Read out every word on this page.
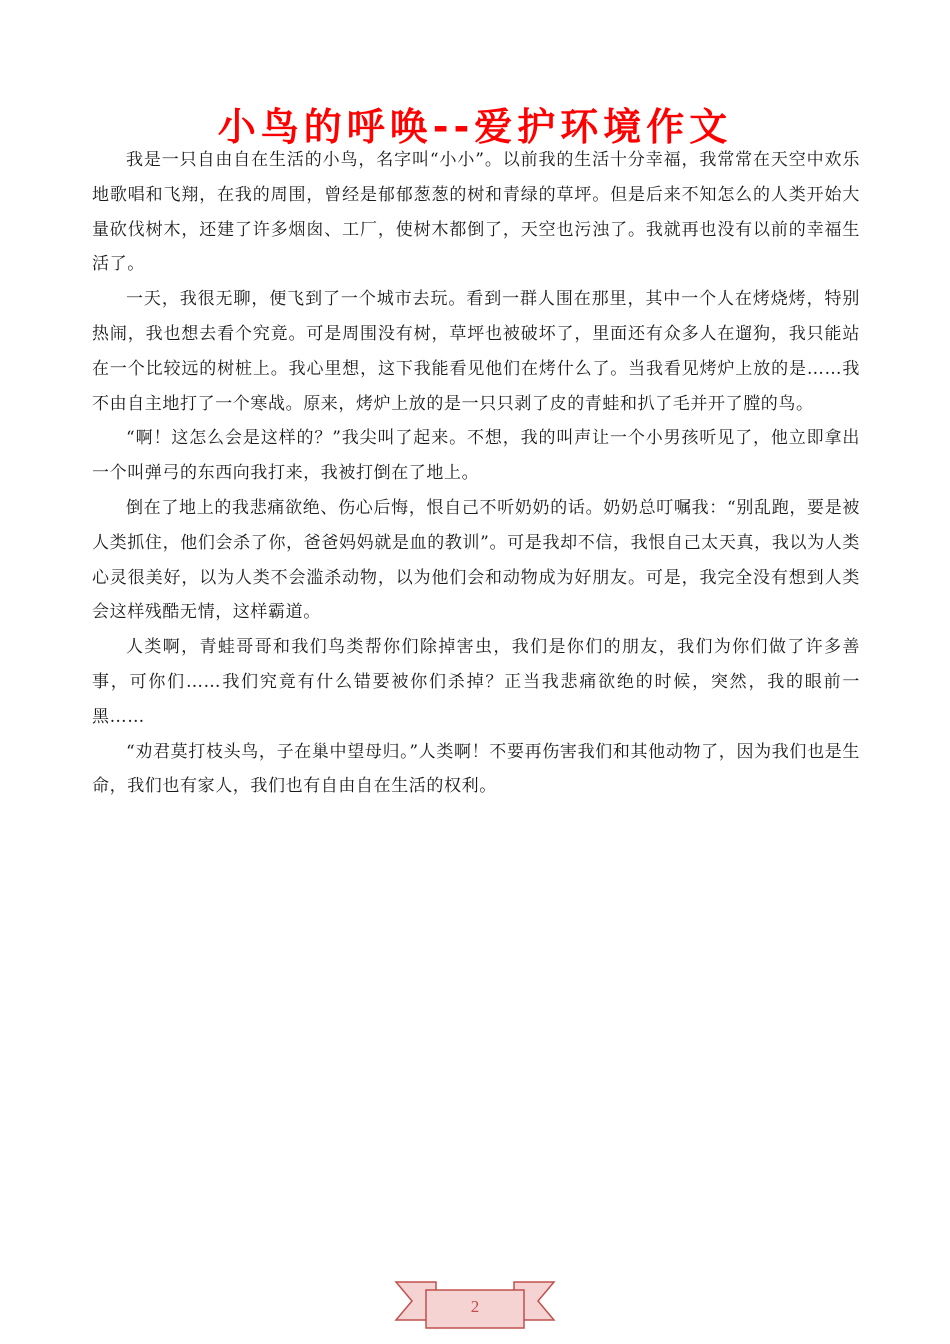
小鸟的呼唤--爱护环境作文

我是一只自由自在生活的小鸟，名字叫“小小”。以前我的生活十分幸福，我常常在天空中欢乐地歌唱和飞翔，在我的周围，曾经是郁郁葱葱的树和青绿的草坪。但是后来不知怎么的人类开始大量砍伐树木，还建了许多烟囱、工厂，使树木都倒了，天空也污浊了。我就再也没有以前的幸福生活了。

一天，我很无聊，便飞到了一个城市去玩。看到一群人围在那里，其中一个人在烤烧烤，特别热闹，我也想去看个究竟。可是周围没有树，草坪也被破坏了，里面还有众多人在遛狗，我只能站在一个比较远的树桩上。我心里想，这下我能看见他们在烤什么了。当我看见烤炉上放的是……我不由自主地打了一个寒战。原来，烤炉上放的是一只只剥了皮的青蛙和扒了毛并开了膛的鸟。

“啊！这怎么会是这样的？”我尖叫了起来。不想，我的叫声让一个小男孩听见了，他立即拿出一个叫弹弓的东西向我打来，我被打倒在了地上。

倒在了地上的我悲痛欲绝、伤心后悔，恨自己不听奶奶的话。奶奶总叮嘱我：“别乱跑，要是被人类抓住，他们会杀了你，爸爸妈妈就是血的教训”。可是我却不信，我恨自己太天真，我以为人类心灵很美好，以为人类不会滥杀动物，以为他们会和动物成为好朋友。可是，我完全没有想到人类会这样残酷无情，这样霸道。

人类啊，青蛙哥哥和我们鸟类帮你们除掉害虫，我们是你们的朋友，我们为你们做了许多善事，可你们……我们究竟有什么错要被你们杀掉？正当我悲痛欲绝的时候，突然，我的眼前一黑……

“劝君莫打枝头鸟，子在巢中望母归。”人类啊！不要再伤害我们和其他动物了，因为我们也是生命，我们也有家人，我们也有自由自在生活的权利。

2
